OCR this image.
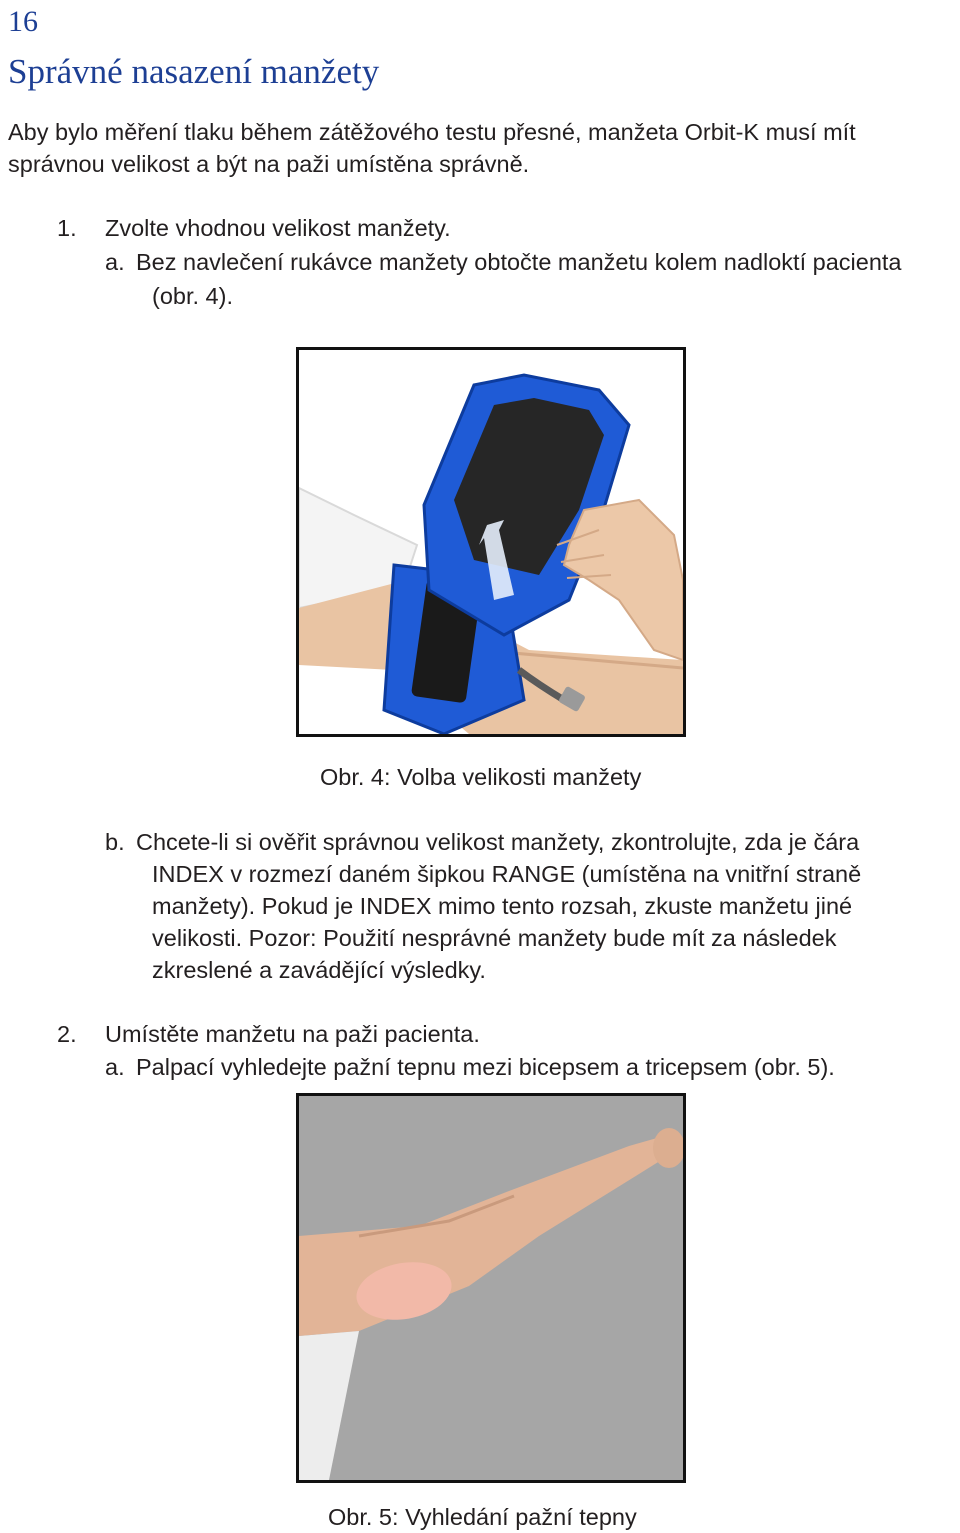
16
Správné nasazení manžety
Aby bylo měření tlaku během zátěžového testu přesné, manžeta Orbit-K musí mít
správnou velikost a být na paži umístěna správně.
1. Zvolte vhodnou velikost manžety.
a. Bez navlečení rukávce manžety obtočte manžetu kolem nadloktí pacienta
(obr. 4).
Obr. 4: Volba velikosti manžety
b. Chcete-li si ověřit správnou velikost manžety, zkontrolujte, zda je čára
INDEX v rozmezí daném šipkou RANGE (umístěna na vnitřní straně
manžety). Pokud je INDEX mimo tento rozsah, zkuste manžetu jiné
velikosti. Pozor: Použití nesprávné manžety bude mít za následek
zkreslené a zavádějící výsledky.
2. Umístěte manžetu na paži pacienta.
a. Palpací vyhledejte pažní tepnu mezi bicepsem a tricepsem (obr. 5).
Obr. 5: Vyhledání pažní tepny
